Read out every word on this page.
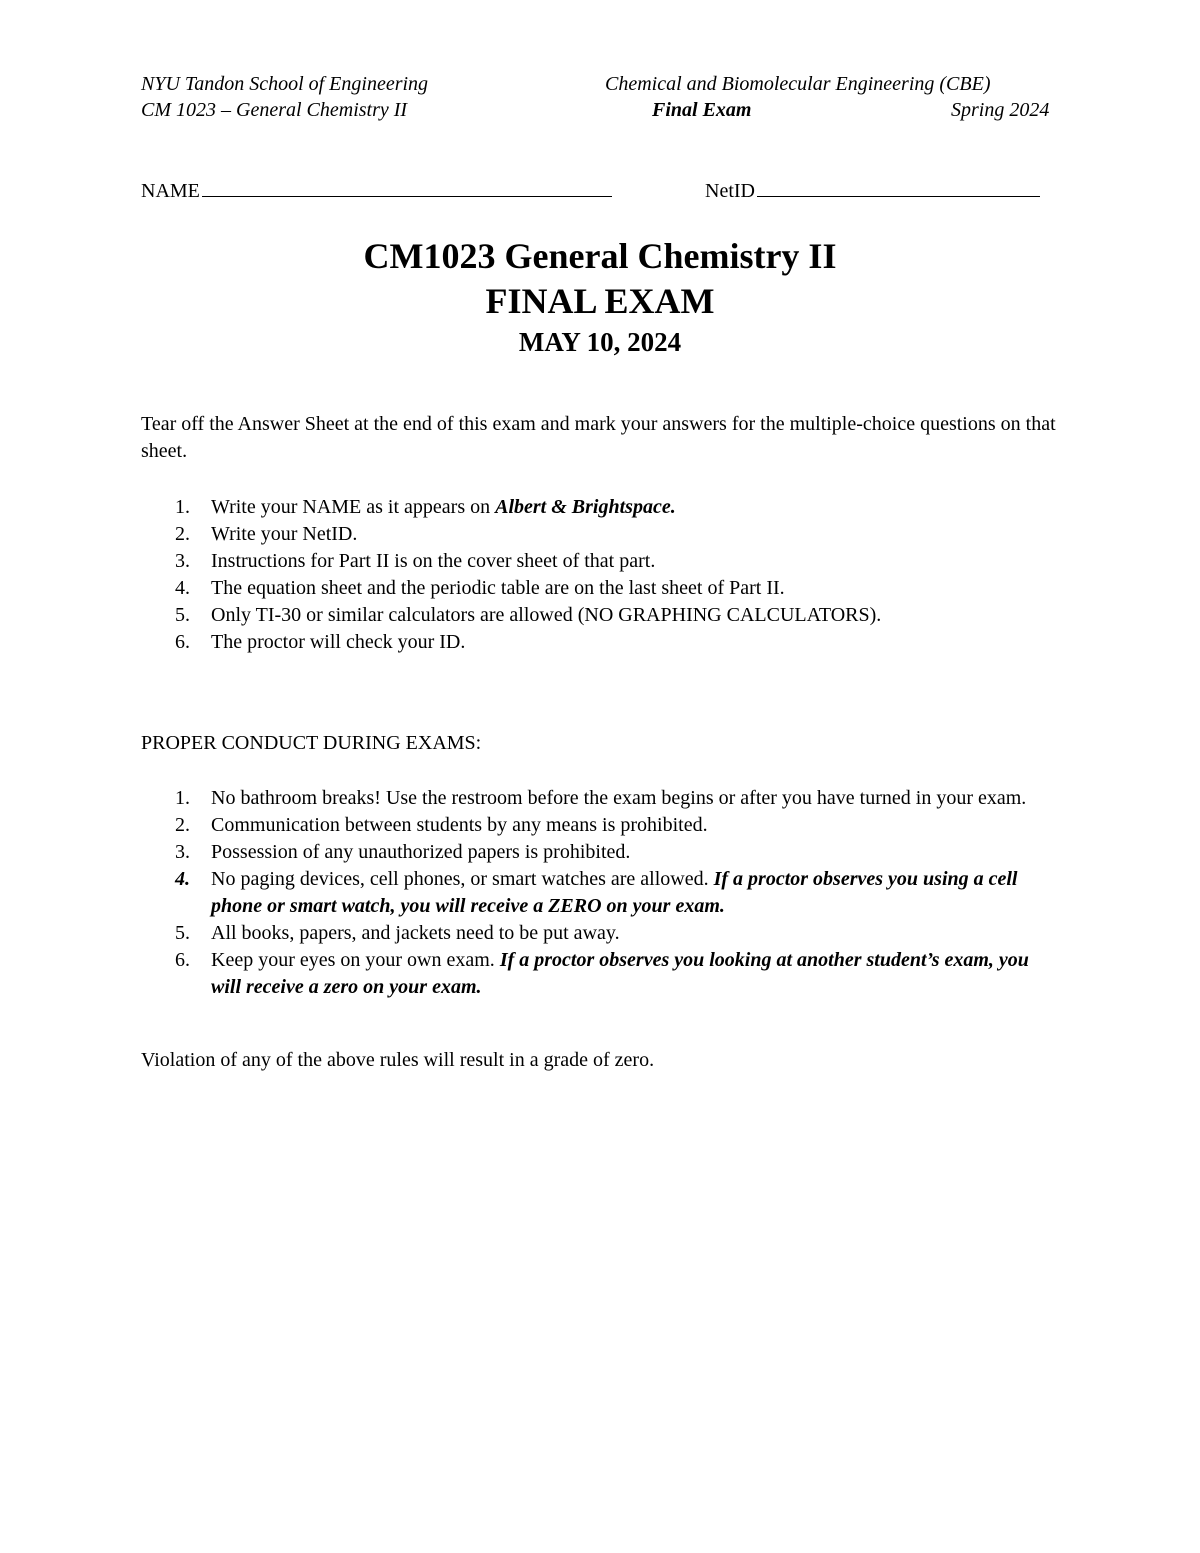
NYU Tandon School of Engineering	Chemical and Biomolecular Engineering (CBE)
CM 1023 – General Chemistry II	Final Exam	Spring 2024
NAME	NetID
CM1023 General Chemistry II
FINAL EXAM
MAY 10, 2024
Tear off the Answer Sheet at the end of this exam and mark your answers for the multiple-choice questions on that sheet.
1.	Write your NAME as it appears on Albert & Brightspace.
2.	Write your NetID.
3.	Instructions for Part II is on the cover sheet of that part.
4.	The equation sheet and the periodic table are on the last sheet of Part II.
5.	Only TI-30 or similar calculators are allowed (NO GRAPHING CALCULATORS).
6.	The proctor will check your ID.
PROPER CONDUCT DURING EXAMS:
1.	No bathroom breaks! Use the restroom before the exam begins or after you have turned in your exam.
2.	Communication between students by any means is prohibited.
3.	Possession of any unauthorized papers is prohibited.
4.	No paging devices, cell phones, or smart watches are allowed. If a proctor observes you using a cell phone or smart watch, you will receive a ZERO on your exam.
5.	All books, papers, and jackets need to be put away.
6.	Keep your eyes on your own exam. If a proctor observes you looking at another student’s exam, you will receive a zero on your exam.
Violation of any of the above rules will result in a grade of zero.
